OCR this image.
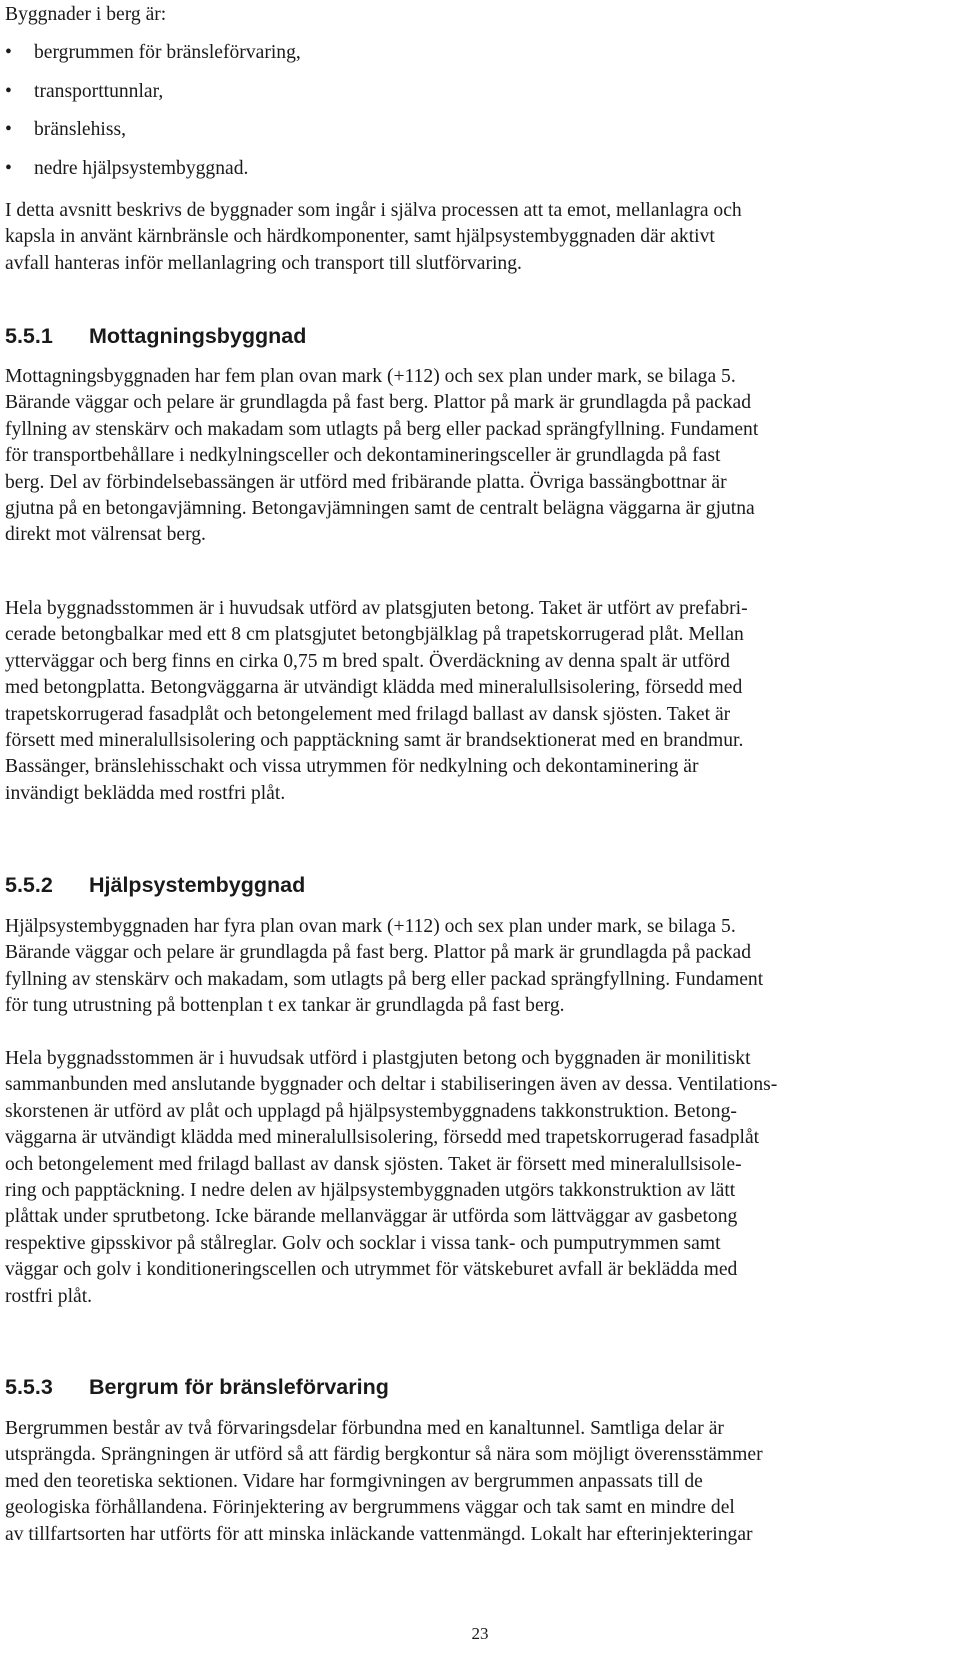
Byggnader i berg är:

• bergrummen för bränsleförvaring,
• transporttunnlar,
• bränslehiss,
• nedre hjälpsystembyggnad.

I detta avsnitt beskrivs de byggnader som ingår i själva processen att ta emot, mellanlagra och

kapsla in använt kärnbränsle och härdkomponenter, samt hjälpsystembyggnaden där aktivt

avfall hanteras inför mellanlagring och transport till slutförvaring.

5.5.1 Mottagningsbyggnad

Mottagningsbyggnaden har fem plan ovan mark (+112) och sex plan under mark, se bilaga 5.

Bärande väggar och pelare är grundlagda på fast berg. Plattor på mark är grundlagda på packad

fyllning av stenskärv och makadam som utlagts på berg eller packad sprängfyllning. Fundament

för transportbehållare i nedkylningsceller och dekontamineringsceller är grundlagda på fast

berg. Del av förbindelsebassängen är utförd med fribärande platta. Övriga bassängbottnar är

gjutna på en betongavjämning. Betongavjämningen samt de centralt belägna väggarna är gjutna

direkt mot välrensat berg.

Hela byggnadsstommen är i huvudsak utförd av platsgjuten betong. Taket är utfört av prefabri-

cerade betongbalkar med ett 8 cm platsgjutet betongbjälklag på trapetskorrugerad plåt. Mellan

ytterväggar och berg finns en cirka 0,75 m bred spalt. Överdäckning av denna spalt är utförd

med betongplatta. Betongväggarna är utvändigt klädda med mineralullsisolering, försedd med

trapetskorrugerad fasadplåt och betongelement med frilagd ballast av dansk sjösten. Taket är

försett med mineralullsisolering och papptäckning samt är brandsektionerat med en brandmur.

Bassänger, bränslehisschakt och vissa utrymmen för nedkylning och dekontaminering är

invändigt beklädda med rostfri plåt.

5.5.2 Hjälpsystembyggnad

Hjälpsystembyggnaden har fyra plan ovan mark (+112) och sex plan under mark, se bilaga 5.

Bärande väggar och pelare är grundlagda på fast berg. Plattor på mark är grundlagda på packad

fyllning av stenskärv och makadam, som utlagts på berg eller packad sprängfyllning. Fundament

för tung utrustning på bottenplan t ex tankar är grundlagda på fast berg.

Hela byggnadsstommen är i huvudsak utförd i plastgjuten betong och byggnaden är monilitiskt

sammanbunden med anslutande byggnader och deltar i stabiliseringen även av dessa. Ventilations-

skorstenen är utförd av plåt och upplagd på hjälpsystembyggnadens takkonstruktion. Betong-

väggarna är utvändigt klädda med mineralullsisolering, försedd med trapetskorrugerad fasadplåt

och betongelement med frilagd ballast av dansk sjösten. Taket är försett med mineralullsisole-

ring och papptäckning. I nedre delen av hjälpsystembyggnaden utgörs takkonstruktion av lätt

plåttak under sprutbetong. Icke bärande mellanväggar är utförda som lättväggar av gasbetong

respektive gipsskivor på stålreglar. Golv och socklar i vissa tank- och pumputrymmen samt

väggar och golv i konditioneringscellen och utrymmet för vätskeburet avfall är beklädda med

rostfri plåt.

5.5.3 Bergrum för bränsleförvaring

Bergrummen består av två förvaringsdelar förbundna med en kanaltunnel. Samtliga delar är

utsprängda. Sprängningen är utförd så att färdig bergkontur så nära som möjligt överensstämmer

med den teoretiska sektionen. Vidare har formgivningen av bergrummen anpassats till de

geologiska förhållandena. Förinjektering av bergrummens väggar och tak samt en mindre del

av tillfartsorten har utförts för att minska inläckande vattenmängd. Lokalt har efterinjekteringar

23
